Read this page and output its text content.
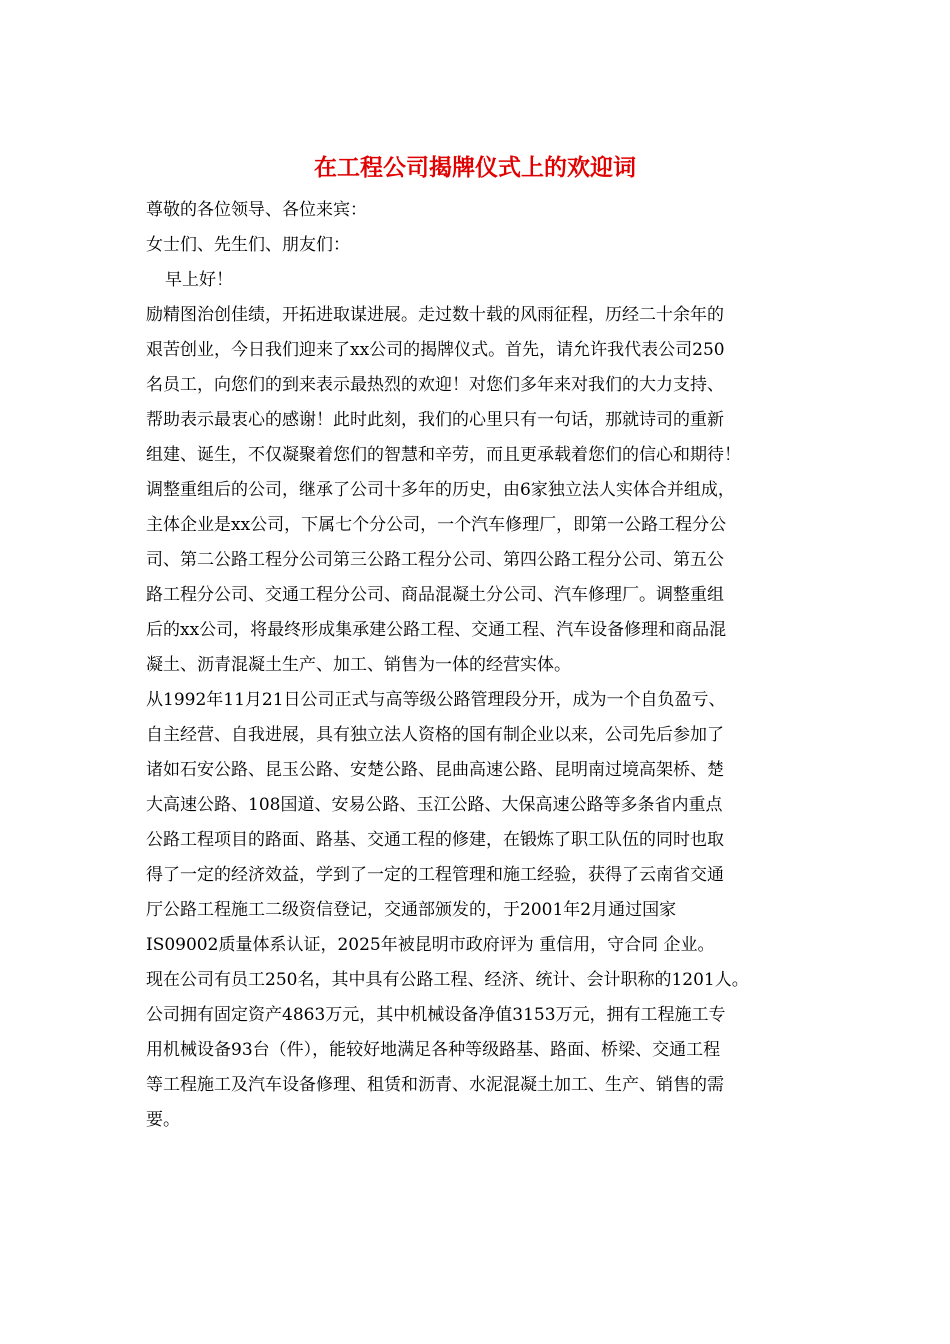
在工程公司揭牌仪式上的欢迎词

尊敬的各位领导、各位来宾：

女士们、先生们、朋友们：

早上好！

励精图治创佳绩，开拓进取谋进展。走过数十载的风雨征程，历经二十余年的

艰苦创业，今日我们迎来了xx公司的揭牌仪式。首先，请允许我代表公司250

名员工，向您们的到来表示最热烈的欢迎！对您们多年来对我们的大力支持、

帮助表示最衷心的感谢！此时此刻，我们的心里只有一句话，那就诗司的重新

组建、诞生，不仅凝聚着您们的智慧和辛劳，而且更承载着您们的信心和期待！

调整重组后的公司，继承了公司十多年的历史，由6家独立法人实体合并组成，

主体企业是xx公司，下属七个分公司，一个汽车修理厂，即第一公路工程分公

司、第二公路工程分公司第三公路工程分公司、第四公路工程分公司、第五公

路工程分公司、交通工程分公司、商品混凝土分公司、汽车修理厂。调整重组

后的xx公司，将最终形成集承建公路工程、交通工程、汽车设备修理和商品混

凝土、沥青混凝土生产、加工、销售为一体的经营实体。

从1992年11月21日公司正式与高等级公路管理段分开，成为一个自负盈亏、

自主经营、自我进展，具有独立法人资格的国有制企业以来，公司先后参加了

诸如石安公路、昆玉公路、安楚公路、昆曲高速公路、昆明南过境高架桥、楚

大高速公路、108国道、安易公路、玉江公路、大保高速公路等多条省内重点

公路工程项目的路面、路基、交通工程的修建，在锻炼了职工队伍的同时也取

得了一定的经济效益，学到了一定的工程管理和施工经验，获得了云南省交通

厅公路工程施工二级资信登记，交通部颁发的，于2001年2月通过国家

IS09002质量体系认证，2025年被昆明市政府评为 重信用，守合同 企业。

现在公司有员工250名，其中具有公路工程、经济、统计、会计职称的1201人。

公司拥有固定资产4863万元，其中机械设备净值3153万元，拥有工程施工专

用机械设备93台（件），能较好地满足各种等级路基、路面、桥梁、交通工程

等工程施工及汽车设备修理、租赁和沥青、水泥混凝土加工、生产、销售的需

要。
